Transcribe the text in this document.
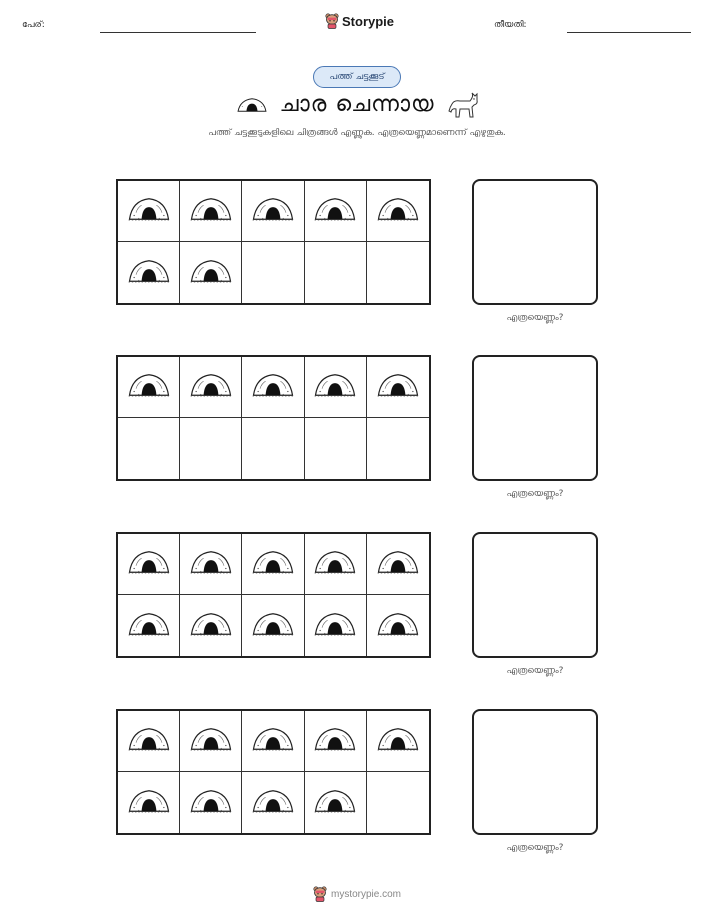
പേര്:	Storypie	തീയതി:
പത്ത് ചട്ടക്കൂട്
ചാര ചെന്നായ
പത്ത് ചട്ടക്കൂടുകളിലെ ചിത്രങ്ങൾ എണ്ണുക. എത്രയെണ്ണമാണെന്ന് എഴുതുക.
എത്രയെണ്ണം?
എത്രയെണ്ണം?
എത്രയെണ്ണം?
എത്രയെണ്ണം?
mystorypie.com
